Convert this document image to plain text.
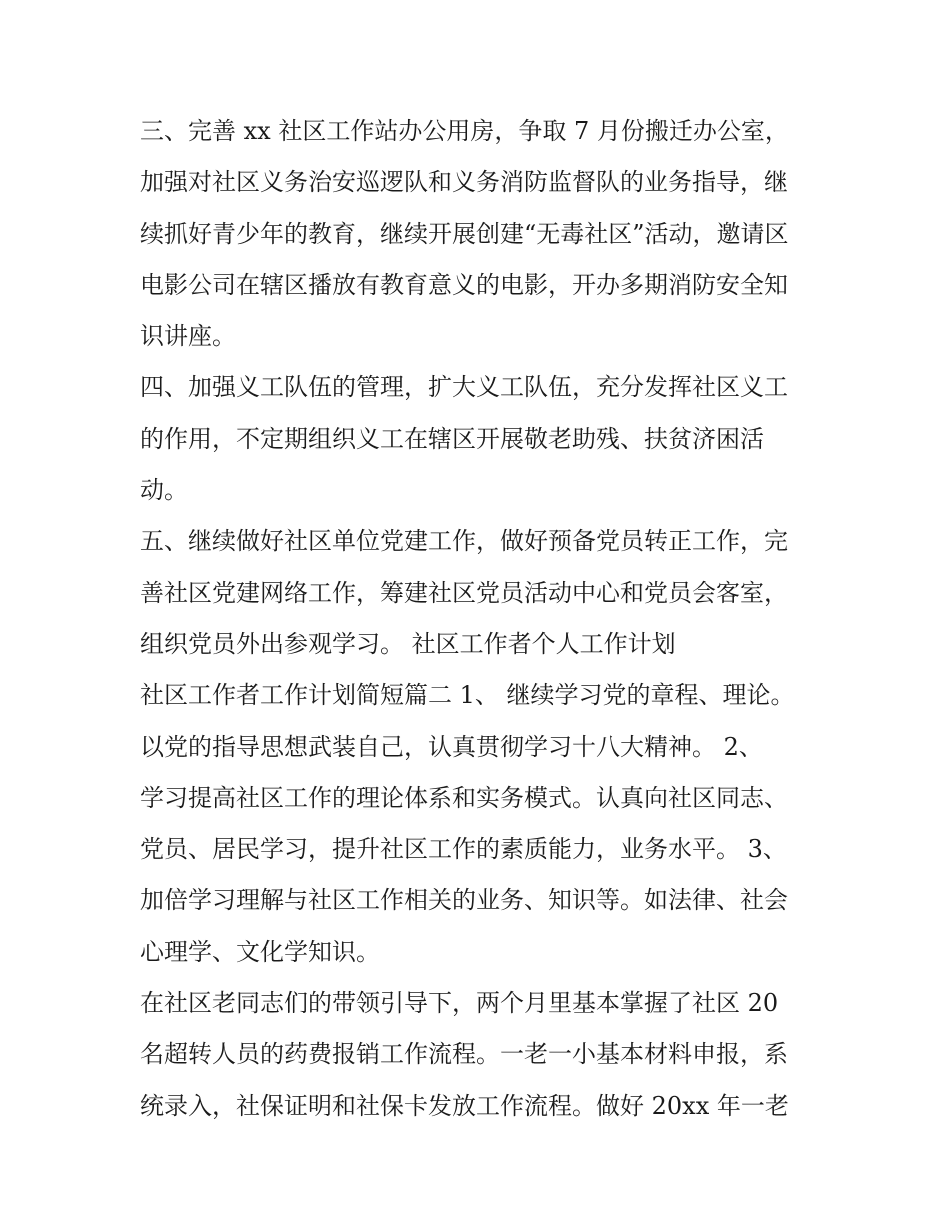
三、完善 xx 社区工作站办公用房，争取 7 月份搬迁办公室，
加强对社区义务治安巡逻队和义务消防监督队的业务指导，继
续抓好青少年的教育，继续开展创建“无毒社区”活动，邀请区
电影公司在辖区播放有教育意义的电影，开办多期消防安全知
识讲座。
四、加强义工队伍的管理，扩大义工队伍，充分发挥社区义工
的作用，不定期组织义工在辖区开展敬老助残、扶贫济困活
动。
五、继续做好社区单位党建工作，做好预备党员转正工作，完
善社区党建网络工作，筹建社区党员活动中心和党员会客室，
组织党员外出参观学习。 社区工作者个人工作计划
社区工作者工作计划简短篇二 1、 继续学习党的章程、理论。
以党的指导思想武装自己，认真贯彻学习十八大精神。 2、
学习提高社区工作的理论体系和实务模式。认真向社区同志、
党员、居民学习，提升社区工作的素质能力，业务水平。 3、
加倍学习理解与社区工作相关的业务、知识等。如法律、社会
心理学、文化学知识。
在社区老同志们的带领引导下，两个月里基本掌握了社区 20
名超转人员的药费报销工作流程。一老一小基本材料申报，系
统录入，社保证明和社保卡发放工作流程。做好 20xx 年一老
